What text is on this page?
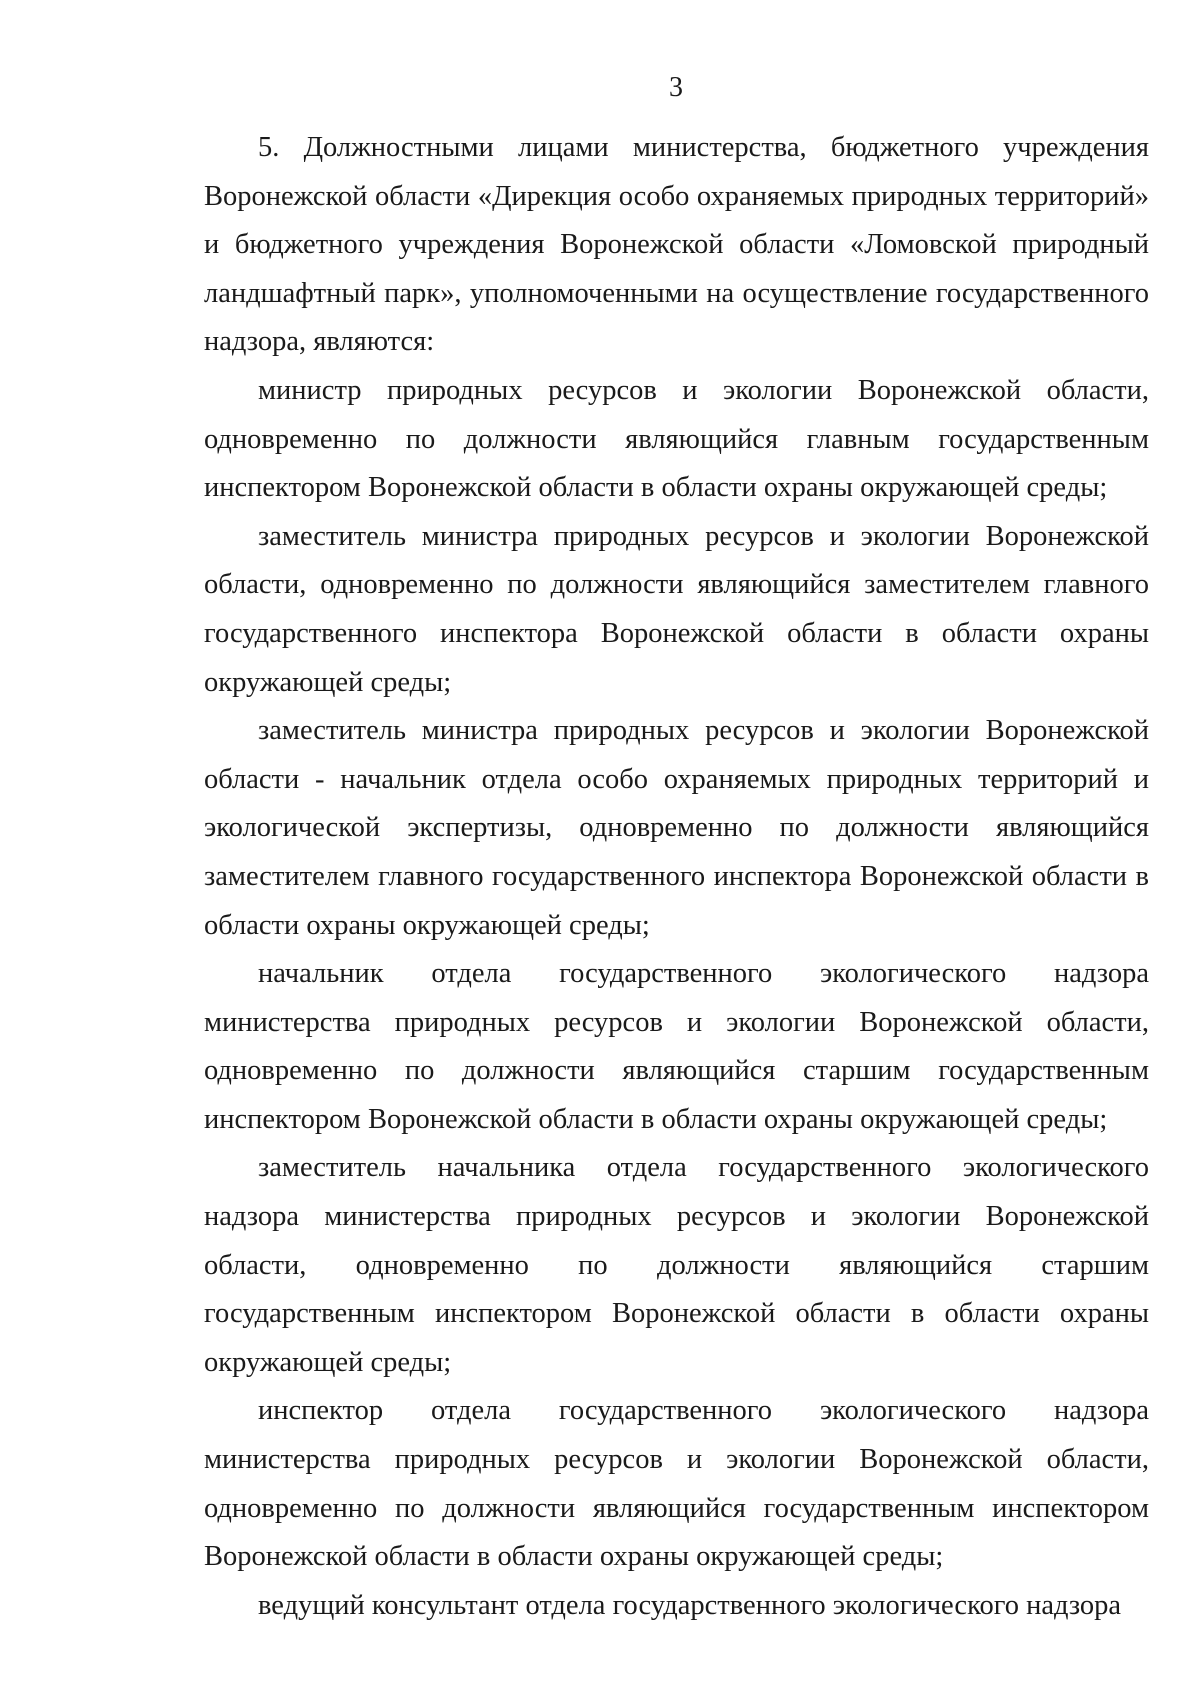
3

5. Должностными лицами министерства, бюджетного учреждения Воронежской области «Дирекция особо охраняемых природных территорий» и бюджетного учреждения Воронежской области «Ломовской природный ландшафтный парк», уполномоченными на осуществление государственного надзора, являются:

министр природных ресурсов и экологии Воронежской области, одновременно по должности являющийся главным государственным инспектором Воронежской области в области охраны окружающей среды;

заместитель министра природных ресурсов и экологии Воронежской области, одновременно по должности являющийся заместителем главного государственного инспектора Воронежской области в области охраны окружающей среды;

заместитель министра природных ресурсов и экологии Воронежской области - начальник отдела особо охраняемых природных территорий и экологической экспертизы, одновременно по должности являющийся заместителем главного государственного инспектора Воронежской области в области охраны окружающей среды;

начальник отдела государственного экологического надзора министерства природных ресурсов и экологии Воронежской области, одновременно по должности являющийся старшим государственным инспектором Воронежской области в области охраны окружающей среды;

заместитель начальника отдела государственного экологического надзора министерства природных ресурсов и экологии Воронежской области, одновременно по должности являющийся старшим государственным инспектором Воронежской области в области охраны окружающей среды;

инспектор отдела государственного экологического надзора министерства природных ресурсов и экологии Воронежской области, одновременно по должности являющийся государственным инспектором Воронежской области в области охраны окружающей среды;

ведущий консультант отдела государственного экологического надзора
